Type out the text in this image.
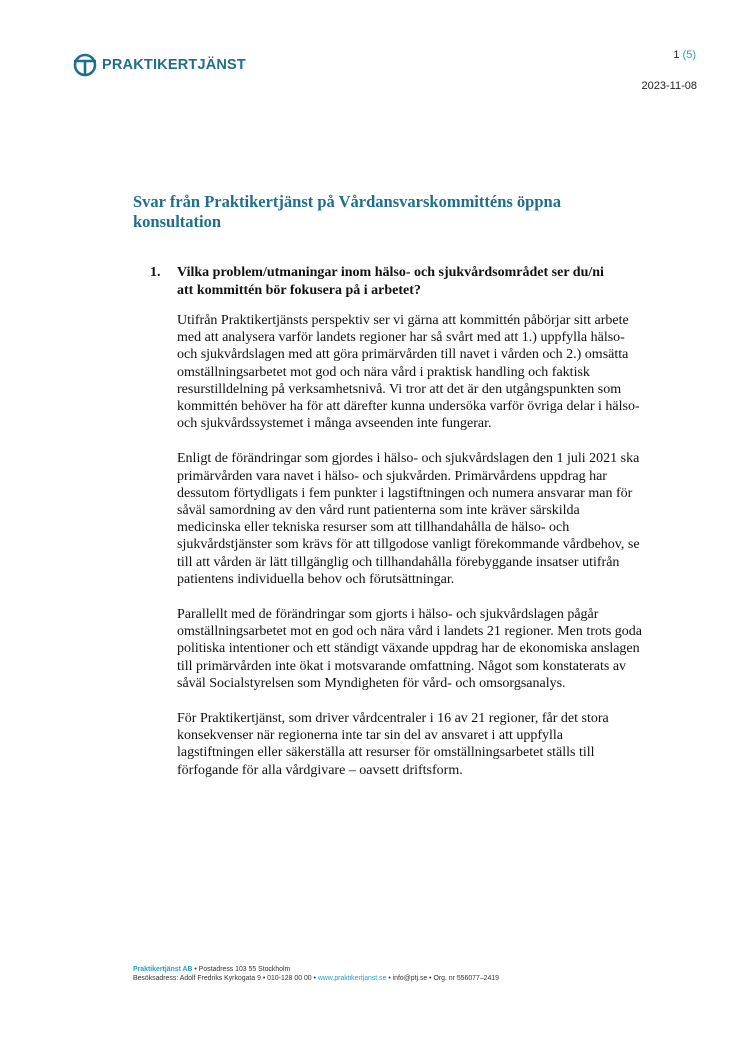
PRAKTIKERTJÄNST
1 (5)
2023-11-08
Svar från Praktikertjänst på Vårdansvarskommitténs öppna konsultation
1.	Vilka problem/utmaningar inom hälso- och sjukvårdsområdet ser du/ni att kommittén bör fokusera på i arbetet?

Utifrån Praktikertjänsts perspektiv ser vi gärna att kommittén påbörjar sitt arbete med att analysera varför landets regioner har så svårt med att 1.) uppfylla hälso- och sjukvårdslagen med att göra primärvården till navet i vården och 2.) omsätta omställningsarbetet mot god och nära vård i praktisk handling och faktisk resurstilldelning på verksamhetsnivå. Vi tror att det är den utgångspunkten som kommittén behöver ha för att därefter kunna undersöka varför övriga delar i hälso- och sjukvårdssystemet i många avseenden inte fungerar.

Enligt de förändringar som gjordes i hälso- och sjukvårdslagen den 1 juli 2021 ska primärvården vara navet i hälso- och sjukvården. Primärvårdens uppdrag har dessutom förtydligats i fem punkter i lagstiftningen och numera ansvarar man för såväl samordning av den vård runt patienterna som inte kräver särskilda medicinska eller tekniska resurser som att tillhandahålla de hälso- och sjukvårdstjänster som krävs för att tillgodose vanligt förekommande vårdbehov, se till att vården är lätt tillgänglig och tillhandahålla förebyggande insatser utifrån patientens individuella behov och förutsättningar.

Parallellt med de förändringar som gjorts i hälso- och sjukvårdslagen pågår omställningsarbetet mot en god och nära vård i landets 21 regioner. Men trots goda politiska intentioner och ett ständigt växande uppdrag har de ekonomiska anslagen till primärvården inte ökat i motsvarande omfattning. Något som konstaterats av såväl Socialstyrelsen som Myndigheten för vård- och omsorgsanalys.

För Praktikertjänst, som driver vårdcentraler i 16 av 21 regioner, får det stora konsekvenser när regionerna inte tar sin del av ansvaret i att uppfylla lagstiftningen eller säkerställa att resurser för omställningsarbetet ställs till förfogande för alla vårdgivare – oavsett driftsform.

Praktikertjänst AB • Postadress 103 55 Stockholm
Besöksadress: Adolf Fredriks Kyrkogata 9 • 010-128 00 00 • www.praktikertjanst.se • info@ptj.se • Org. nr 556077–2419
